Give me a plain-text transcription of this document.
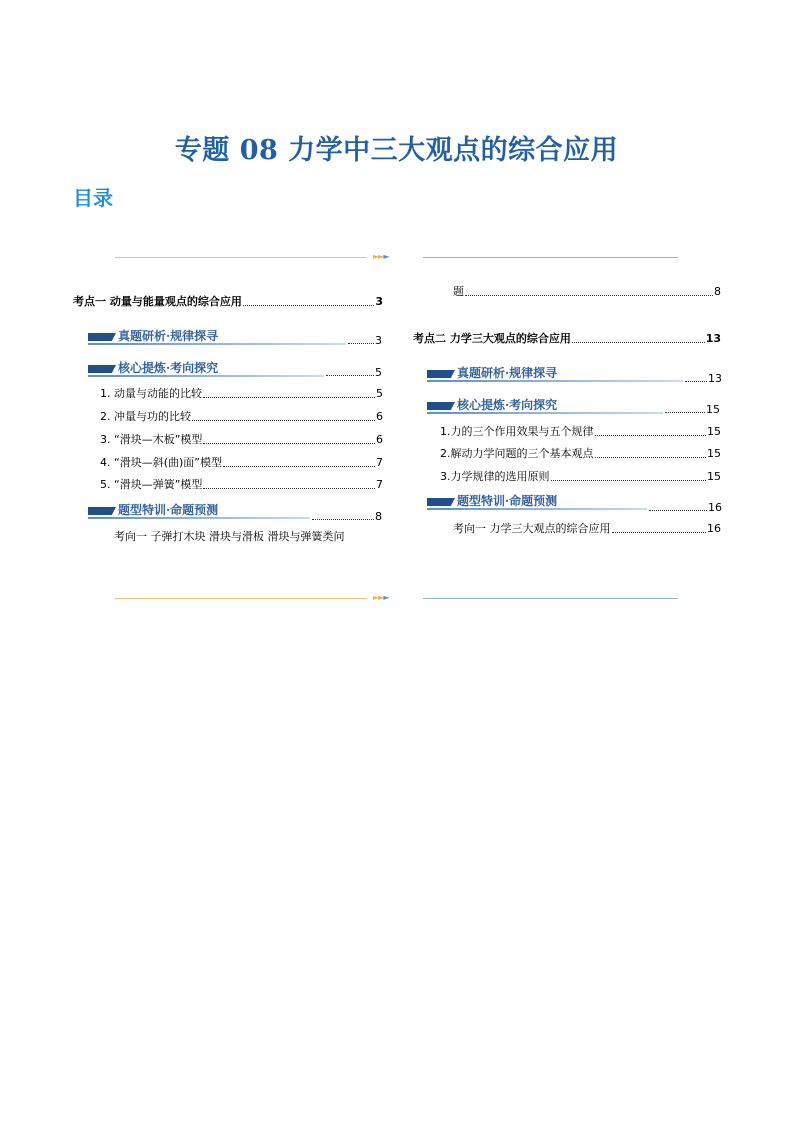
专题 08 力学中三大观点的综合应用
目录
►►►
考点一 动量与能量观点的综合应用	3
真题研析·规律探寻	3
核心提炼·考向探究	5
1. 动量与动能的比较	5
2. 冲量与功的比较	6
3. “滑块—木板”模型	6
4. “滑块—斜(曲)面”模型	7
5. “滑块—弹簧”模型	7
题型特训·命题预测	8
考向一 子弹打木块 滑块与滑板 滑块与弹簧类问
题	8
考点二 力学三大观点的综合应用	13
真题研析·规律探寻	13
核心提炼·考向探究	15
1.力的三个作用效果与五个规律	15
2.解动力学问题的三个基本观点	15
3.力学规律的选用原则	15
题型特训·命题预测	16
考向一 力学三大观点的综合应用	16
►►►
